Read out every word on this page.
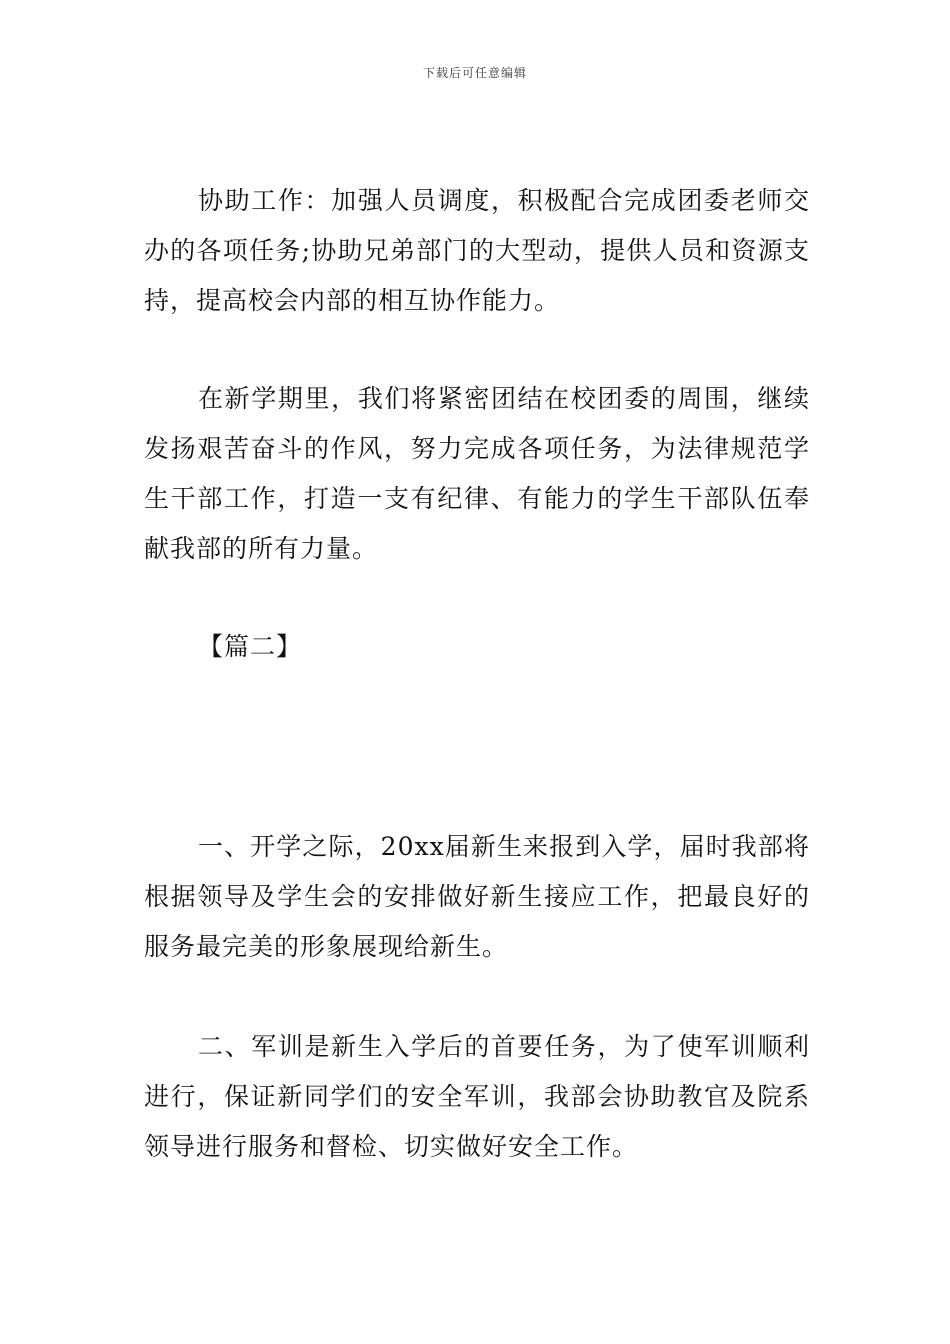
下载后可任意编辑

协助工作：加强人员调度，积极配合完成团委老师交办的各项任务;协助兄弟部门的大型动，提供人员和资源支持，提高校会内部的相互协作能力。

在新学期里，我们将紧密团结在校团委的周围，继续发扬艰苦奋斗的作风，努力完成各项任务，为法律规范学生干部工作，打造一支有纪律、有能力的学生干部队伍奉献我部的所有力量。

【篇二】

一、开学之际，20xx届新生来报到入学，届时我部将根据领导及学生会的安排做好新生接应工作，把最良好的服务最完美的形象展现给新生。

二、军训是新生入学后的首要任务，为了使军训顺利进行，保证新同学们的安全军训，我部会协助教官及院系领导进行服务和督检、切实做好安全工作。
